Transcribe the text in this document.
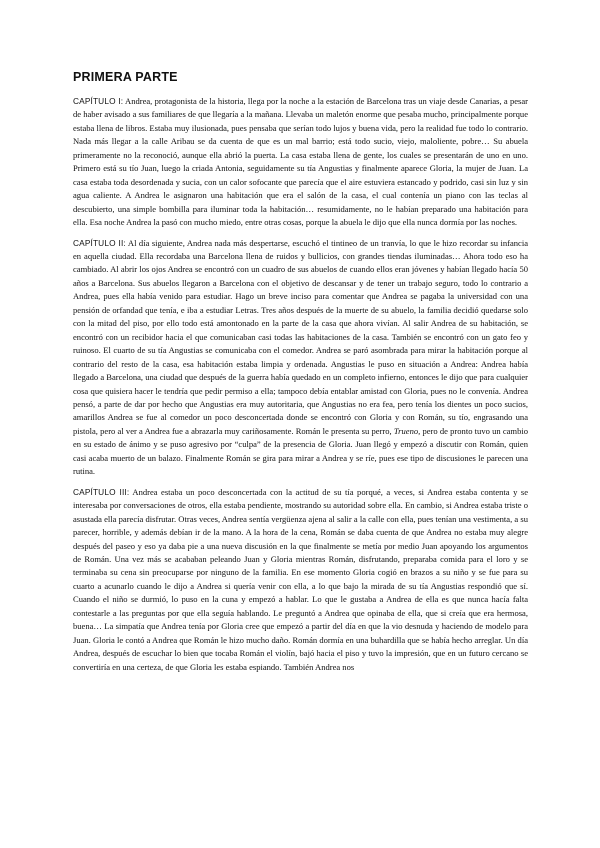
PRIMERA PARTE

CAPÍTULO I: Andrea, protagonista de la historia, llega por la noche a la estación de Barcelona tras un viaje desde Canarias, a pesar de haber avisado a sus familiares de que llegaría a la mañana. Llevaba un maletón enorme que pesaba mucho, principalmente porque estaba llena de libros. Estaba muy ilusionada, pues pensaba que serían todo lujos y buena vida, pero la realidad fue todo lo contrario. Nada más llegar a la calle Aribau se da cuenta de que es un mal barrio; está todo sucio, viejo, maloliente, pobre… Su abuela primeramente no la reconoció, aunque ella abrió la puerta. La casa estaba llena de gente, los cuales se presentarán de uno en uno. Primero está su tío Juan, luego la criada Antonia, seguidamente su tía Angustias y finalmente aparece Gloria, la mujer de Juan. La casa estaba toda desordenada y sucia, con un calor sofocante que parecía que el aire estuviera estancado y podrido, casi sin luz y sin agua caliente. A Andrea le asignaron una habitación que era el salón de la casa, el cual contenía un piano con las teclas al descubierto, una simple bombilla para iluminar toda la habitación… resumidamente, no le habían preparado una habitación para ella. Esa noche Andrea la pasó con mucho miedo, entre otras cosas, porque la abuela le dijo que ella nunca dormía por las noches.

CAPÍTULO II: Al día siguiente, Andrea nada más despertarse, escuchó el tintineo de un tranvía, lo que le hizo recordar su infancia en aquella ciudad. Ella recordaba una Barcelona llena de ruidos y bullicios, con grandes tiendas iluminadas… Ahora todo eso ha cambiado. Al abrir los ojos Andrea se encontró con un cuadro de sus abuelos de cuando ellos eran jóvenes y habían llegado hacía 50 años a Barcelona. Sus abuelos llegaron a Barcelona con el objetivo de descansar y de tener un trabajo seguro, todo lo contrario a Andrea, pues ella había venido para estudiar. Hago un breve inciso para comentar que Andrea se pagaba la universidad con una pensión de orfandad que tenía, e iba a estudiar Letras. Tres años después de la muerte de su abuelo, la familia decidió quedarse solo con la mitad del piso, por ello todo está amontonado en la parte de la casa que ahora vivían. Al salir Andrea de su habitación, se encontró con un recibidor hacia el que comunicaban casi todas las habitaciones de la casa. También se encontró con un gato feo y ruinoso. El cuarto de su tía Angustias se comunicaba con el comedor. Andrea se paró asombrada para mirar la habitación porque al contrario del resto de la casa, esa habitación estaba limpia y ordenada. Angustias le puso en situación a Andrea: Andrea había llegado a Barcelona, una ciudad que después de la guerra había quedado en un completo infierno, entonces le dijo que para cualquier cosa que quisiera hacer le tendría que pedir permiso a ella; tampoco debía entablar amistad con Gloria, pues no le convenía. Andrea pensó, a parte de dar por hecho que Angustias era muy autoritaria, que Angustias no era fea, pero tenía los dientes un poco sucios, amarillos Andrea se fue al comedor un poco desconcertada donde se encontró con Gloria y con Román, su tío, engrasando una pistola, pero al ver a Andrea fue a abrazarla muy cariñosamente. Román le presenta su perro, Trueno, pero de pronto tuvo un cambio en su estado de ánimo y se puso agresivo por “culpa” de la presencia de Gloria. Juan llegó y empezó a discutir con Román, quien casi acaba muerto de un balazo. Finalmente Román se gira para mirar a Andrea y se ríe, pues ese tipo de discusiones le parecen una rutina.

CAPÍTULO III: Andrea estaba un poco desconcertada con la actitud de su tía porqué, a veces, si Andrea estaba contenta y se interesaba por conversaciones de otros, ella estaba pendiente, mostrando su autoridad sobre ella. En cambio, si Andrea estaba triste o asustada ella parecía disfrutar. Otras veces, Andrea sentía vergüenza ajena al salir a la calle con ella, pues tenían una vestimenta, a su parecer, horrible, y además debían ir de la mano. A la hora de la cena, Román se daba cuenta de que Andrea no estaba muy alegre después del paseo y eso ya daba pie a una nueva discusión en la que finalmente se metía por medio Juan apoyando los argumentos de Román. Una vez más se acababan peleando Juan y Gloria mientras Román, disfrutando, preparaba comida para el loro y se terminaba su cena sin preocuparse por ninguno de la familia. En ese momento Gloria cogió en brazos a su niño y se fue para su cuarto a acunarlo cuando le dijo a Andrea si quería venir con ella, a lo que bajo la mirada de su tía Angustias respondió que sí. Cuando el niño se durmió, lo puso en la cuna y empezó a hablar. Lo que le gustaba a Andrea de ella es que nunca hacía falta contestarle a las preguntas por que ella seguía hablando. Le preguntó a Andrea que opinaba de ella, que si creía que era hermosa, buena… La simpatía que Andrea tenía por Gloria cree que empezó a partir del día en que la vio desnuda y haciendo de modelo para Juan. Gloria le contó a Andrea que Román le hizo mucho daño. Román dormía en una buhardilla que se había hecho arreglar. Un día Andrea, después de escuchar lo bien que tocaba Román el violín, bajó hacia el piso y tuvo la impresión, que en un futuro cercano se convertiría en una certeza, de que Gloria les estaba espiando. También Andrea nos
